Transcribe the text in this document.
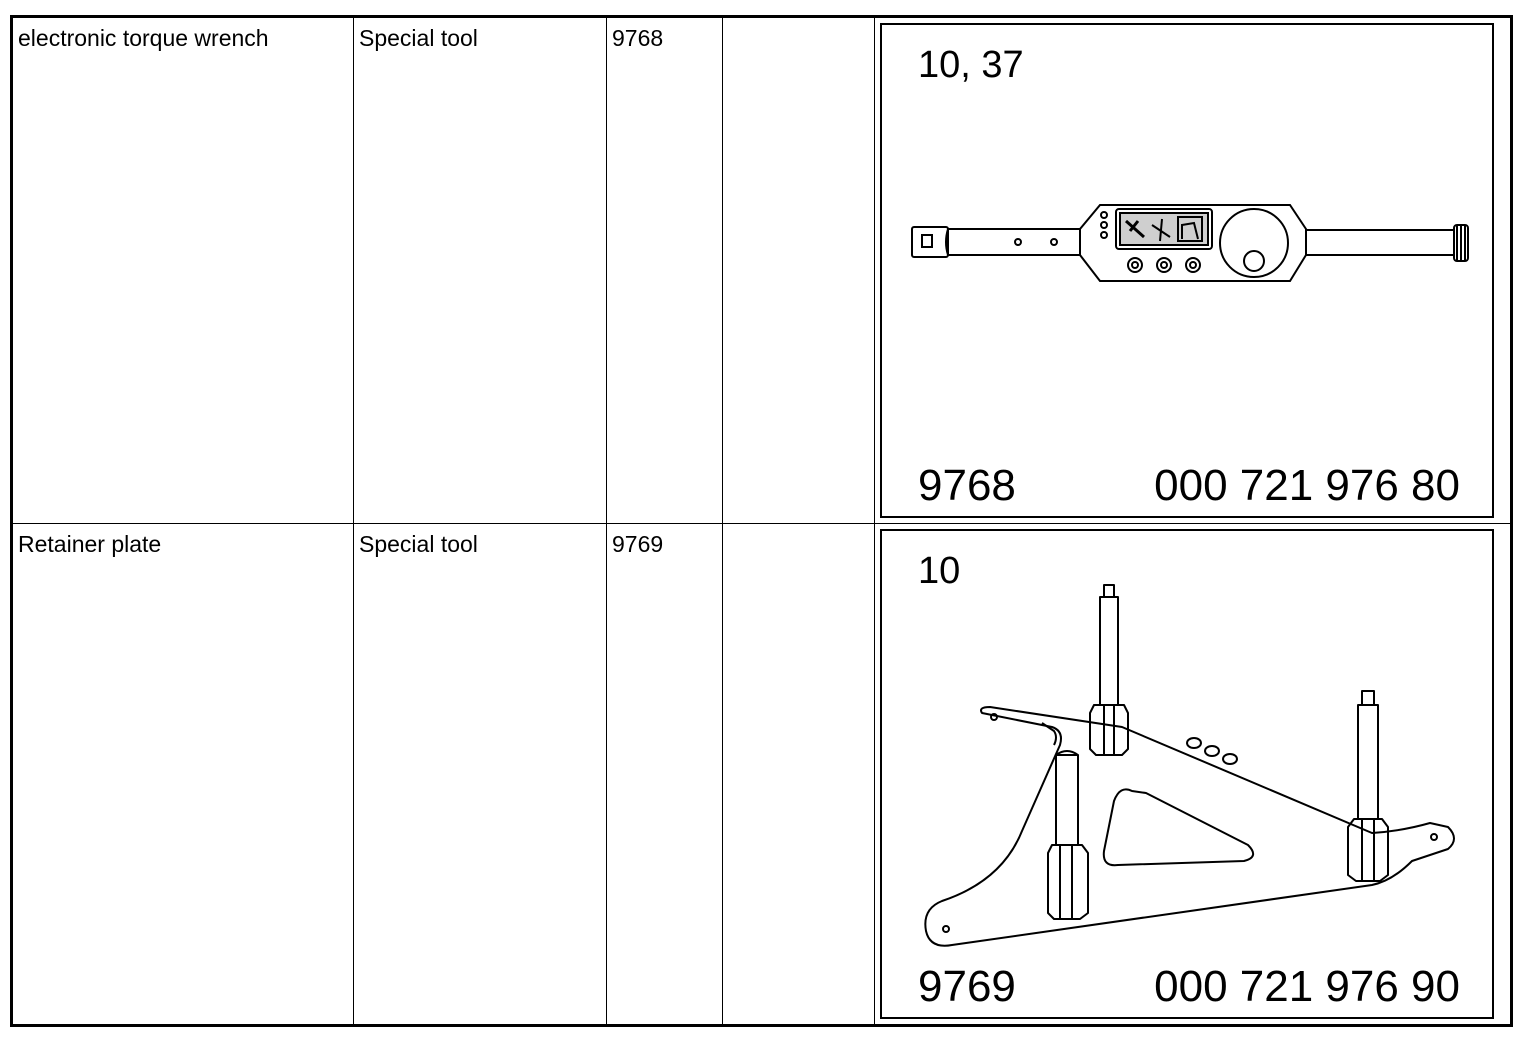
electronic torque wrench	Special tool	9768
10, 37
9768	000 721 976 80
Retainer plate	Special tool	9769
10
9769	000 721 976 90
